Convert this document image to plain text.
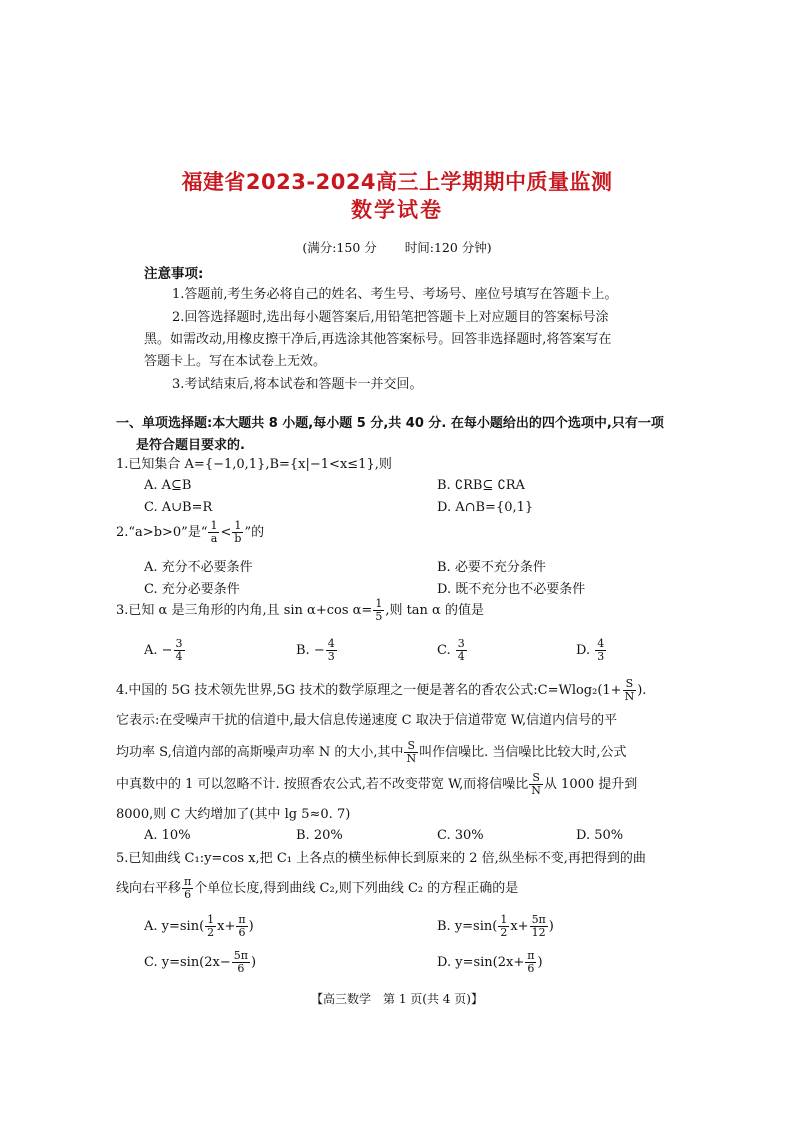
福建省2023-2024高三上学期期中质量监测
数学试卷
(满分:150 分 时间:120 分钟)
注意事项:
1.答题前,考生务必将自己的姓名、考生号、考场号、座位号填写在答题卡上。
2.回答选择题时,选出每小题答案后,用铅笔把答题卡上对应题目的答案标号涂
黑。如需改动,用橡皮擦干净后,再选涂其他答案标号。回答非选择题时,将答案写在
答题卡上。写在本试卷上无效。
3.考试结束后,将本试卷和答题卡一并交回。
一、单项选择题:本大题共 8 小题,每小题 5 分,共 40 分. 在每小题给出的四个选项中,只有一项
是符合题目要求的.
1.已知集合 A={−1,0,1},B={x|−1<x≤1},则
A. A⊆B	B. ∁RB⊆ ∁RA
C. A∪B=R	D. A∩B={0,1}
2.“a>b>0”是“ $\frac{1}{a} < \frac{1}{b}$ ”的
A. 充分不必要条件	B. 必要不充分条件
C. 充分必要条件	D. 既不充分也不必要条件
3.已知 α 是三角形的内角,且 sin α+cos $\alpha= \frac{1}{5}$ ,则 tan α 的值是
A. − $\frac{3}{4}$	B. − $\frac{4}{3}$	C. $\frac{3}{4}$	D. $\frac{4}{3}$
4.中国的 5G 技术领先世界,5G 技术的数学原理之一便是著名的香农公式:C=Wlog₂(1+ $\frac{S}{N}$ ).
它表示:在受噪声干扰的信道中,最大信息传递速度 C 取决于信道带宽 W,信道内信号的平
均功率 S,信道内部的高斯噪声功率 N 的大小,其中 $\frac{S}{N}$ 叫作信噪比. 当信噪比比较大时,公式
中真数中的 1 可以忽略不计. 按照香农公式,若不改变带宽 W,而将信噪比 $\frac{S}{N}$ 从 1000 提升到
8000,则 C 大约增加了(其中 lg 5≈0. 7)
A. 10%	B. 20%	C. 30%	D. 50%
5.已知曲线 C₁:y=cos x,把 C₁ 上各点的横坐标伸长到原来的 2 倍,纵坐标不变,再把得到的曲
线向右平移 $\frac{\pi}{6}$ 个单位长度,得到曲线 C₂,则下列曲线 C₂ 的方程正确的是
A. $y=\sin( \frac{1}{2} x+ \frac{\pi}{6}$ )	B. $y=\sin( \frac{1}{2} x+ \frac{5\pi}{12}$ )
C. $y=\sin(2x- \frac{5\pi}{6}$ )	D. $y=\sin(2x+ \frac{\pi}{6}$ )
【高三数学　第 1 页(共 4 页)】
